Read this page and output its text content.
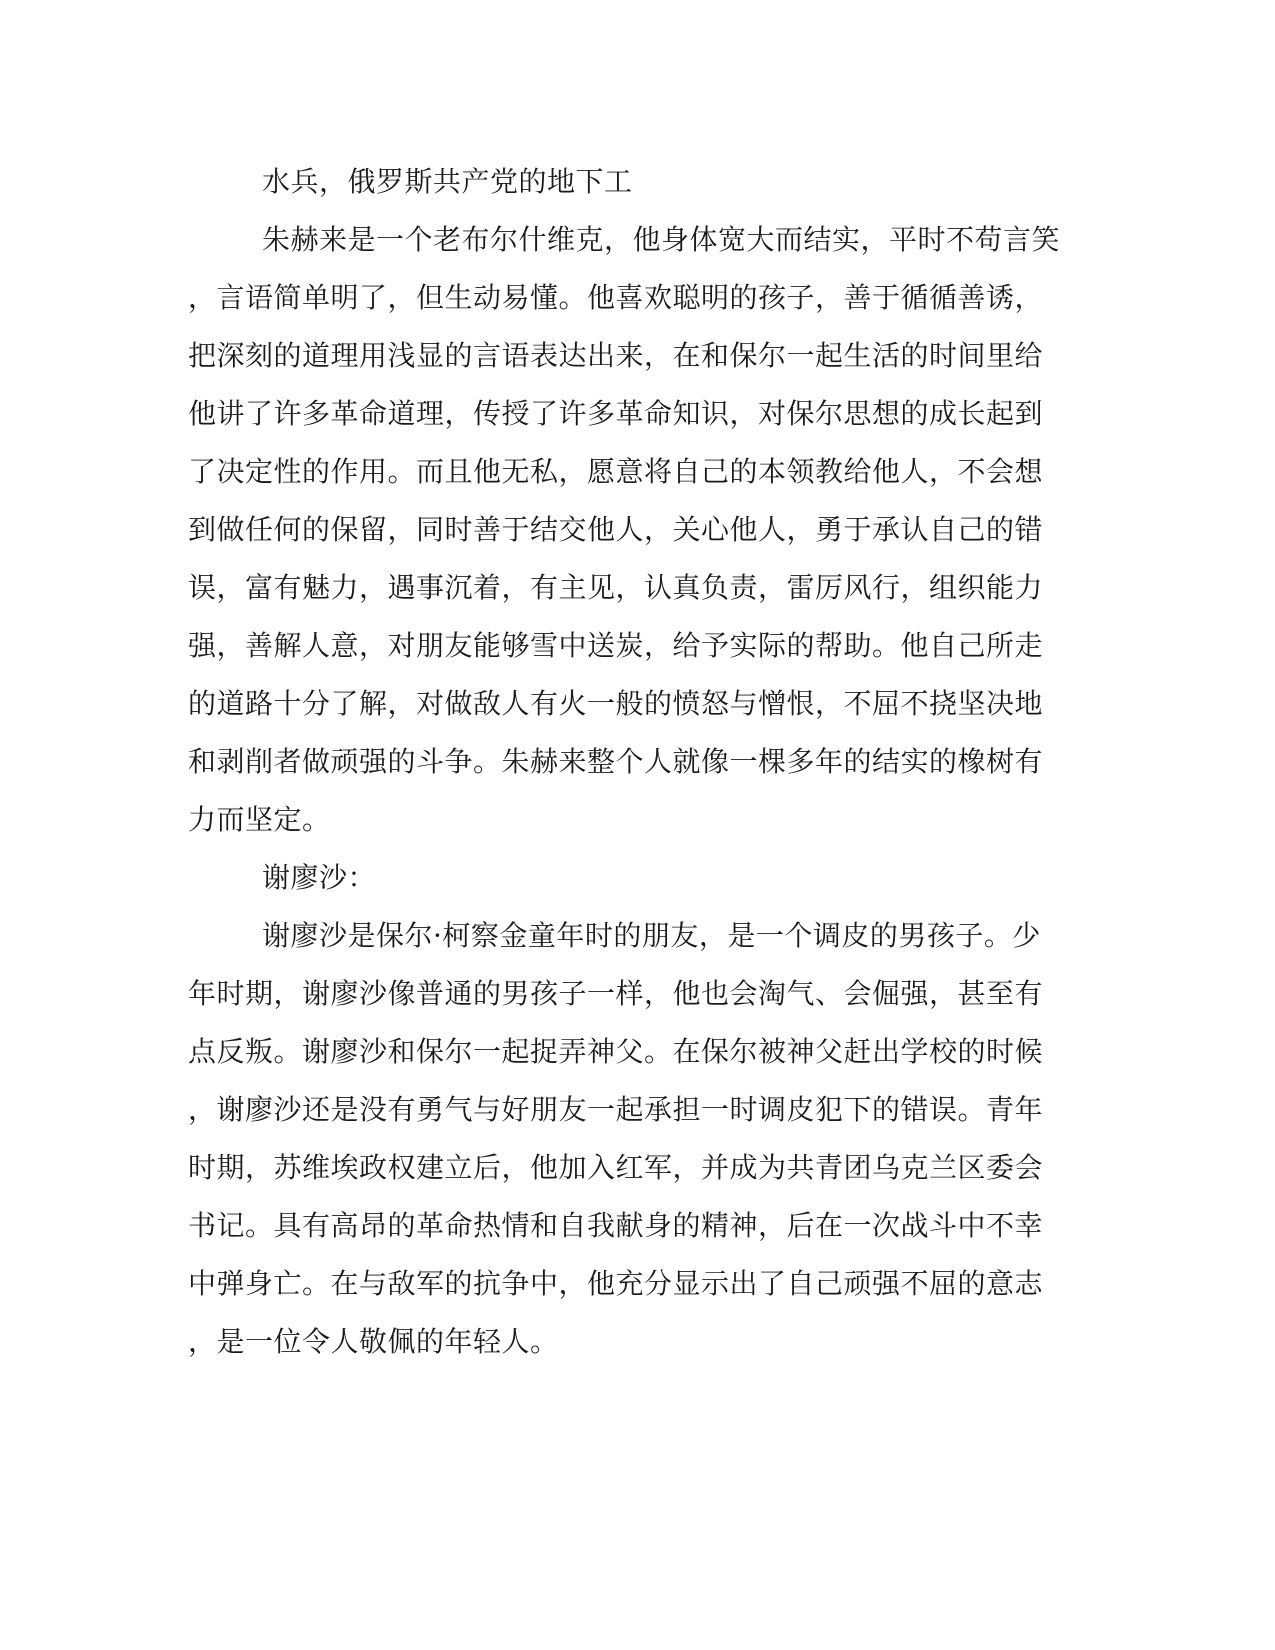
水兵，俄罗斯共产党的地下工

朱赫来是一个老布尔什维克，他身体宽大而结实，平时不苟言笑

，言语简单明了，但生动易懂。他喜欢聪明的孩子，善于循循善诱，

把深刻的道理用浅显的言语表达出来，在和保尔一起生活的时间里给

他讲了许多革命道理，传授了许多革命知识，对保尔思想的成长起到

了决定性的作用。而且他无私，愿意将自己的本领教给他人，不会想

到做任何的保留，同时善于结交他人，关心他人，勇于承认自己的错

误，富有魅力，遇事沉着，有主见，认真负责，雷厉风行，组织能力

强，善解人意，对朋友能够雪中送炭，给予实际的帮助。他自己所走

的道路十分了解，对做敌人有火一般的愤怒与憎恨，不屈不挠坚决地

和剥削者做顽强的斗争。朱赫来整个人就像一棵多年的结实的橡树有

力而坚定。

谢廖沙：

谢廖沙是保尔·柯察金童年时的朋友，是一个调皮的男孩子。少

年时期，谢廖沙像普通的男孩子一样，他也会淘气、会倔强，甚至有

点反叛。谢廖沙和保尔一起捉弄神父。在保尔被神父赶出学校的时候

，谢廖沙还是没有勇气与好朋友一起承担一时调皮犯下的错误。青年

时期，苏维埃政权建立后，他加入红军，并成为共青团乌克兰区委会

书记。具有高昂的革命热情和自我献身的精神，后在一次战斗中不幸

中弹身亡。在与敌军的抗争中，他充分显示出了自己顽强不屈的意志

，是一位令人敬佩的年轻人。
